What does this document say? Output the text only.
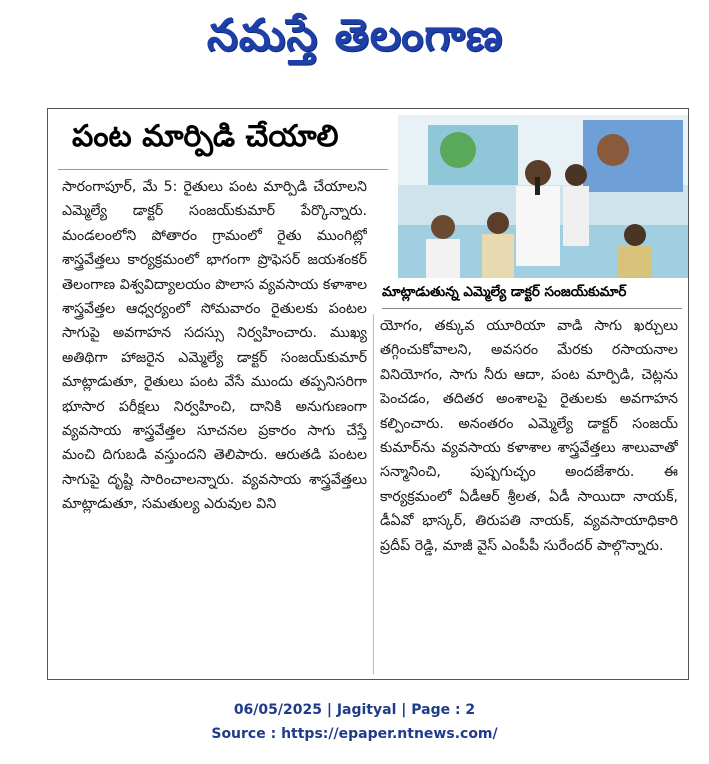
నమస్తే తెలంగాణ
పంట మార్పిడి చేయాలి
సారంగాపూర్, మే 5: రైతులు పంట మార్పిడి చేయాలని ఎమ్మెల్యే డాక్టర్ సంజయ్‌కుమార్ పేర్కొన్నారు. మండలంలోని పోతారం గ్రామంలో రైతు ముంగిట్లో శాస్త్రవేత్తలు కార్యక్రమంలో భాగంగా ప్రొఫెసర్ జయశంకర్ తెలంగాణ విశ్వవిద్యాలయం పొలాస వ్యవసాయ కళాశాల శాస్త్రవేత్తల ఆధ్వర్యంలో సోమవారం రైతులకు పంటల సాగుపై అవగాహన సదస్సు నిర్వహించారు. ముఖ్య అతిథిగా హాజరైన ఎమ్మెల్యే డాక్టర్ సంజయ్‌కుమార్ మాట్లాడుతూ, రైతులు పంట వేసే ముందు తప్పనిసరిగా భూసార పరీక్షలు నిర్వహించి, దానికి అనుగుణంగా వ్యవసాయ శాస్త్రవేత్తల సూచనల ప్రకారం సాగు చేస్తే మంచి దిగుబడి వస్తుందని తెలిపారు. ఆరుతడి పంటల సాగుపై దృష్టి సారించాలన్నారు. వ్యవసాయ శాస్త్రవేత్తలు మాట్లాడుతూ, సమతుల్య ఎరువుల విని
మాట్లాడుతున్న ఎమ్మెల్యే డాక్టర్ సంజయ్‌కుమార్
యోగం, తక్కువ యూరియా వాడి సాగు ఖర్చులు తగ్గించుకోవాలని, అవసరం మేరకు రసాయనాల వినియోగం, సాగు నీరు ఆదా, పంట మార్పిడి, చెట్లను పెంచడం, తదితర అంశాలపై రైతులకు అవగాహన కల్పించారు. అనంతరం ఎమ్మెల్యే డాక్టర్ సంజయ్ కుమార్‌ను వ్యవసాయ కళాశాల శాస్త్రవేత్తలు శాలువాతో సన్మానించి, పుష్పగుచ్ఛం అందజేశారు. ఈ కార్యక్రమంలో ఏడీఆర్ శ్రీలత, ఏడీ సాయిదా నాయక్, డీఏవో భాస్కర్, తిరుపతి నాయక్, వ్యవసాయాధికారి ప్రదీప్ రెడ్డి, మాజీ వైస్ ఎంపీపీ సురేందర్ పాల్గొన్నారు.
06/05/2025 | Jagityal | Page : 2
Source : https://epaper.ntnews.com/
